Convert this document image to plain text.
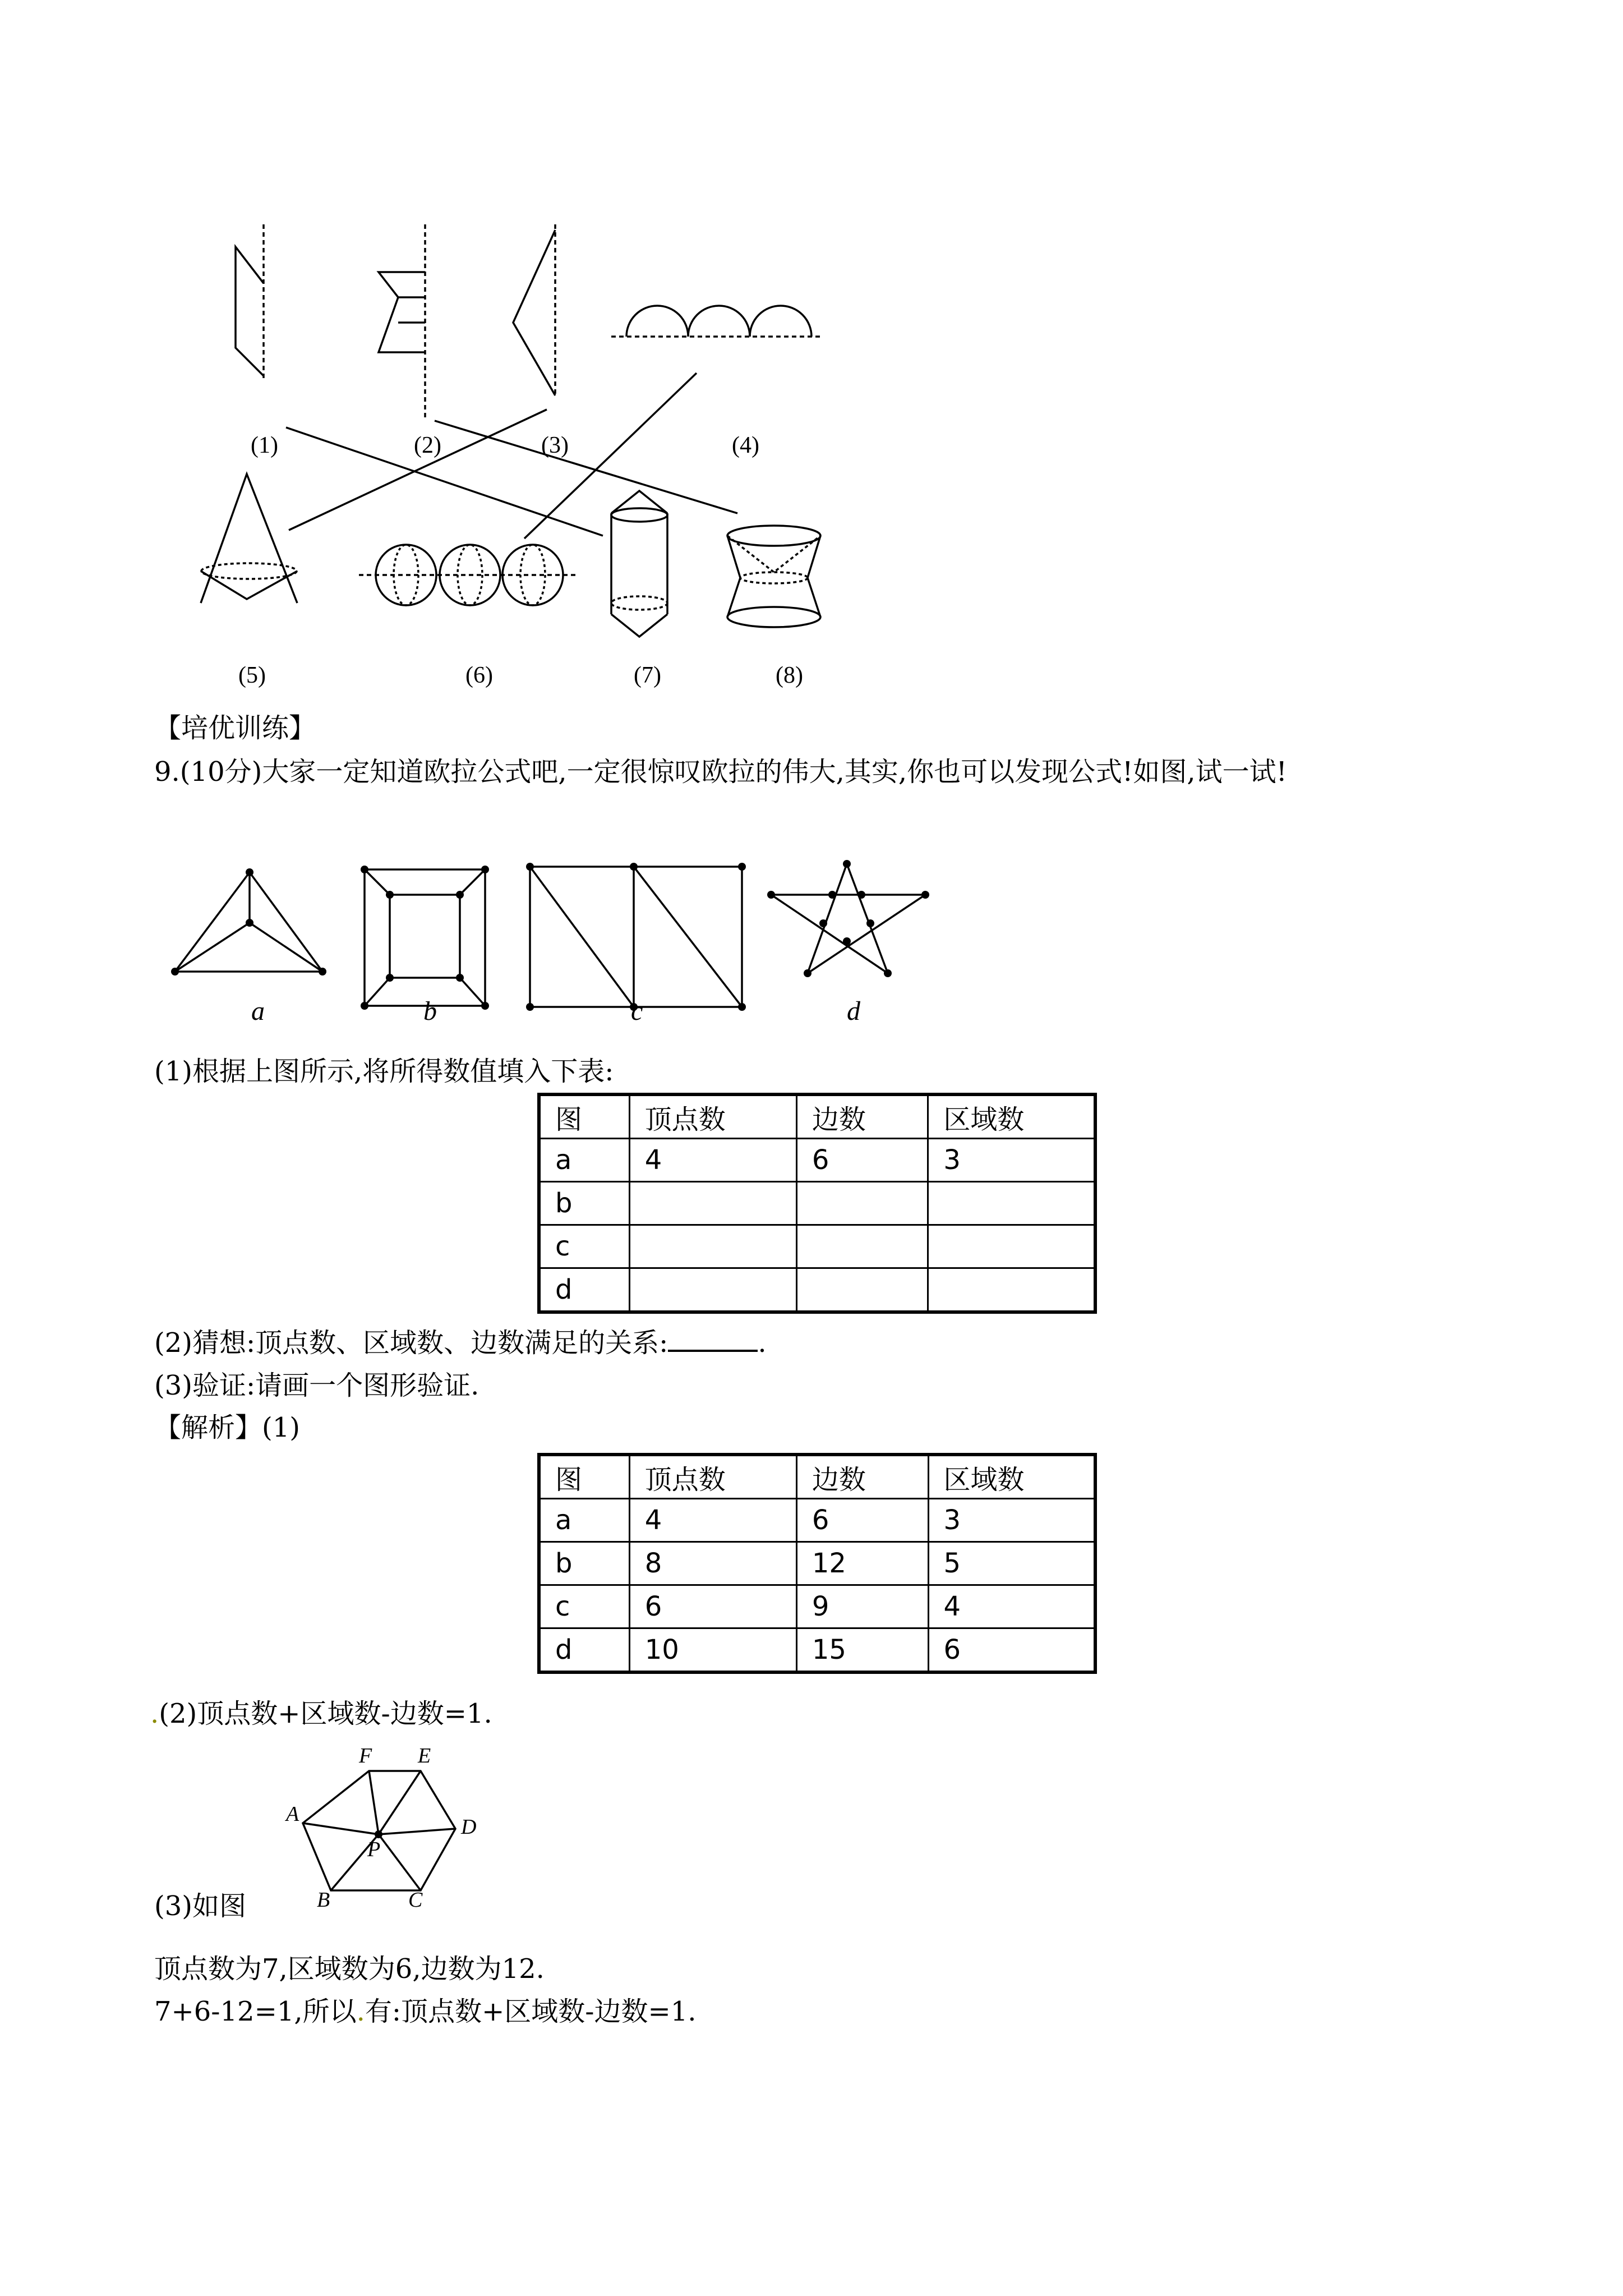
(1)	(2)	(3)	(4)
(5)	(6)	(7)	(8)
【培优训练】
9.(10分)大家一定知道欧拉公式吧,一定很惊叹欧拉的伟大,其实,你也可以发现公式!如图,试一试!
a	b	c	d
(1)根据上图所示,将所得数值填入下表:
图	顶点数	边数	区域数
a	4	6	3
b			
c			
d			
(2)猜想:顶点数、区域数、边数满足的关系:	.
(3)验证:请画一个图形验证.
【解析】(1)
图	顶点数	边数	区域数
a	4	6	3
b	8	12	5
c	6	9	4
d	10	15	6
.(2)顶点数+区域数-边数=1.
F E
A
D
P
B	C
(3)如图
顶点数为7,区域数为6,边数为12.
7+6-12=1,所以.有:顶点数+区域数-边数=1.
